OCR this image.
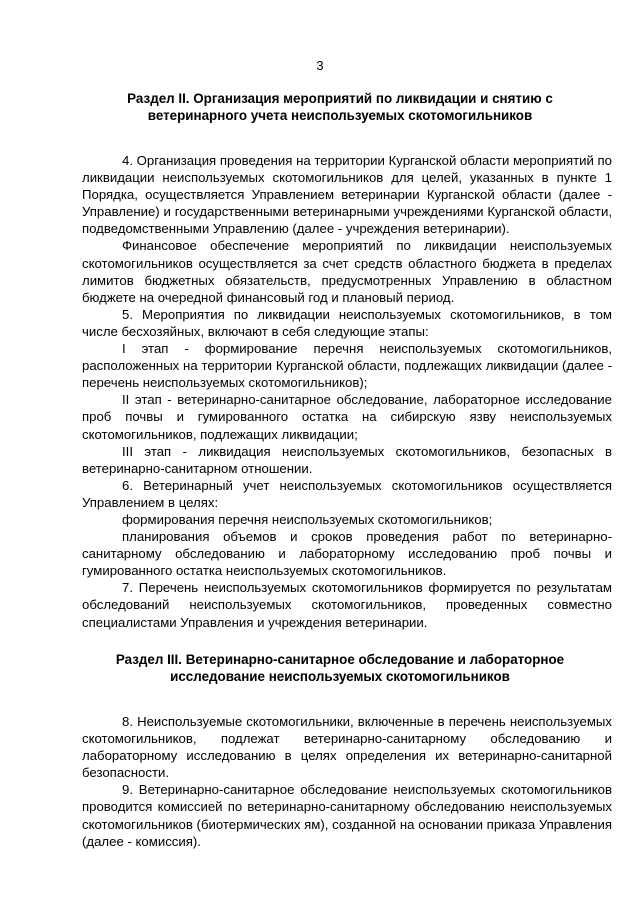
3
Раздел II. Организация мероприятий по ликвидации и снятию с ветеринарного учета неиспользуемых скотомогильников

4. Организация проведения на территории Курганской области мероприятий по ликвидации неиспользуемых скотомогильников для целей, указанных в пункте 1 Порядка, осуществляется Управлением ветеринарии Курганской области (далее - Управление) и государственными ветеринарными учреждениями Курганской области, подведомственными Управлению (далее - учреждения ветеринарии).

Финансовое обеспечение мероприятий по ликвидации неиспользуемых скотомогильников осуществляется за счет средств областного бюджета в пределах лимитов бюджетных обязательств, предусмотренных Управлению в областном бюджете на очередной финансовый год и плановый период.

5. Мероприятия по ликвидации неиспользуемых скотомогильников, в том числе бесхозяйных, включают в себя следующие этапы:

I этап - формирование перечня неиспользуемых скотомогильников, расположенных на территории Курганской области, подлежащих ликвидации (далее - перечень неиспользуемых скотомогильников);

II этап - ветеринарно-санитарное обследование, лабораторное исследование проб почвы и гумированного остатка на сибирскую язву неиспользуемых скотомогильников, подлежащих ликвидации;

III этап - ликвидация неиспользуемых скотомогильников, безопасных в ветеринарно-санитарном отношении.

6. Ветеринарный учет неиспользуемых скотомогильников осуществляется Управлением в целях:

формирования перечня неиспользуемых скотомогильников;

планирования объемов и сроков проведения работ по ветеринарно-санитарному обследованию и лабораторному исследованию проб почвы и гумированного остатка неиспользуемых скотомогильников.

7. Перечень неиспользуемых скотомогильников формируется по результатам обследований неиспользуемых скотомогильников, проведенных совместно специалистами Управления и учреждения ветеринарии.

Раздел III. Ветеринарно-санитарное обследование и лабораторное исследование неиспользуемых скотомогильников

8. Неиспользуемые скотомогильники, включенные в перечень неиспользуемых скотомогильников, подлежат ветеринарно-санитарному обследованию и лабораторному исследованию в целях определения их ветеринарно-санитарной безопасности.

9. Ветеринарно-санитарное обследование неиспользуемых скотомогильников проводится комиссией по ветеринарно-санитарному обследованию неиспользуемых скотомогильников (биотермических ям), созданной на основании приказа Управления (далее - комиссия).
